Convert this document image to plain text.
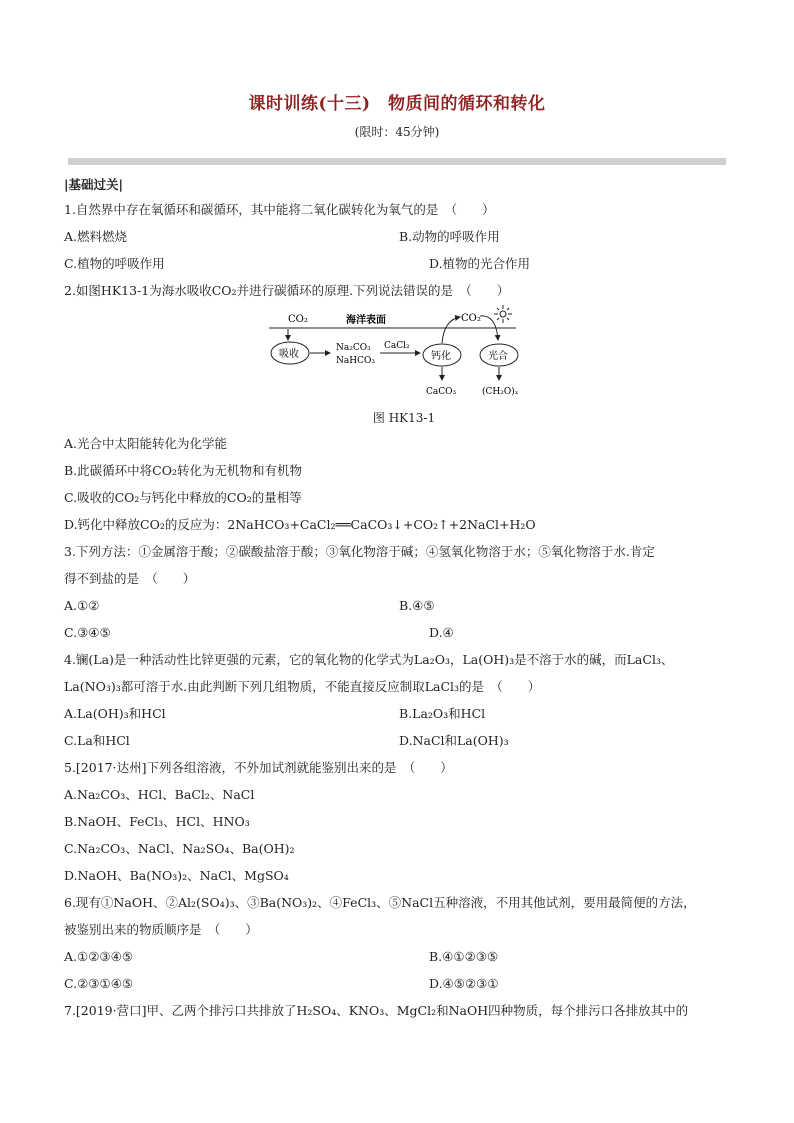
课时训练(十三)　物质间的循环和转化
(限时：45分钟)
|基础过关|
1.自然界中存在氧循环和碳循环，其中能将二氧化碳转化为氧气的是　（　　）
A.燃料燃烧	B.动物的呼吸作用
C.植物的呼吸作用	D.植物的光合作用
2.如图HK13-1为海水吸收CO₂并进行碳循环的原理.下列说法错误的是　（　　）
CO₂	海洋表面
吸收
Na₂CO₃
NaHCO₃
CaCl₂
钙化
CaCO₃
CO₂
光合
(CH₂O)ₓ
图 HK13-1
A.光合中太阳能转化为化学能
B.此碳循环中将CO₂转化为无机物和有机物
C.吸收的CO₂与钙化中释放的CO₂的量相等
D.钙化中释放CO₂的反应为：2NaHCO₃+CaCl₂══CaCO₃↓+CO₂↑+2NaCl+H₂O
3.下列方法：①金属溶于酸；②碳酸盐溶于酸；③氧化物溶于碱；④氢氧化物溶于水；⑤氧化物溶于水.肯定
得不到盐的是　（　　）
A.①②	B.④⑤
C.③④⑤	D.④
4.镧(La)是一种活动性比锌更强的元素，它的氧化物的化学式为La₂O₃，La(OH)₃是不溶于水的碱，而LaCl₃、
La(NO₃)₃都可溶于水.由此判断下列几组物质，不能直接反应制取LaCl₃的是　（　　）
A.La(OH)₃和HCl	B.La₂O₃和HCl
C.La和HCl	D.NaCl和La(OH)₃
5.[2017·达州]下列各组溶液，不外加试剂就能鉴别出来的是　（　　）
A.Na₂CO₃、HCl、BaCl₂、NaCl
B.NaOH、FeCl₃、HCl、HNO₃
C.Na₂CO₃、NaCl、Na₂SO₄、Ba(OH)₂
D.NaOH、Ba(NO₃)₂、NaCl、MgSO₄
6.现有①NaOH、②Al₂(SO₄)₃、③Ba(NO₃)₂、④FeCl₃、⑤NaCl五种溶液，不用其他试剂，要用最简便的方法，
被鉴别出来的物质顺序是　（　　）
A.①②③④⑤	B.④①②③⑤
C.②③①④⑤	D.④⑤②③①
7.[2019·营口]甲、乙两个排污口共排放了H₂SO₄、KNO₃、MgCl₂和NaOH四种物质，每个排污口各排放其中的
